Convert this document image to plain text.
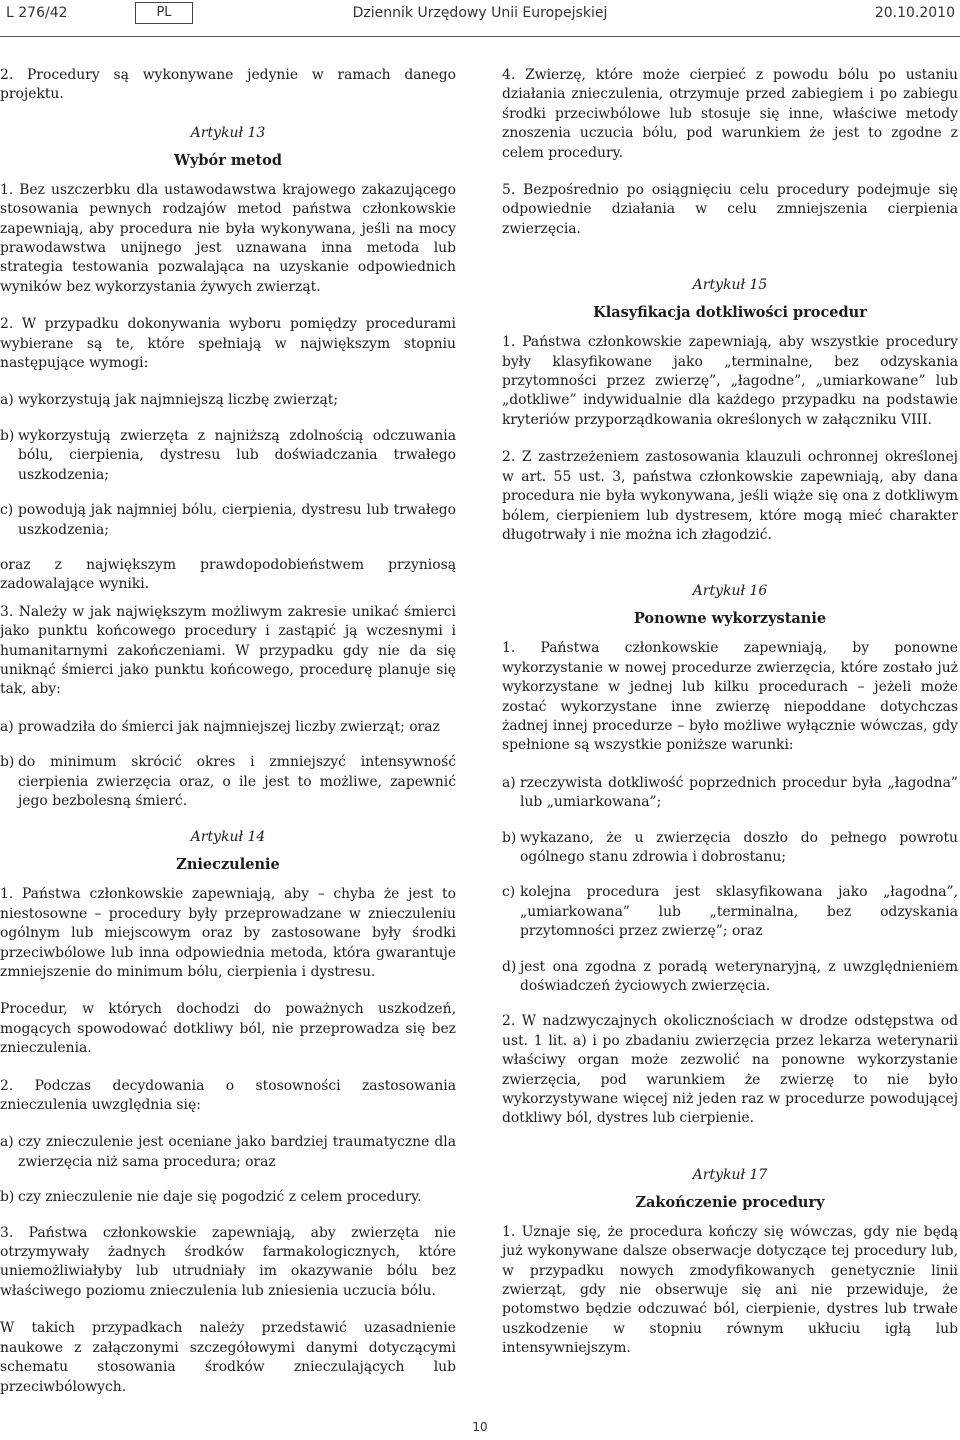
L 276/42	PL	Dziennik Urzędowy Unii Europejskiej	20.10.2010

2. Procedury są wykonywane jedynie w ramach danego projektu.

Artykuł 13
Wybór metod

1. Bez uszczerbku dla ustawodawstwa krajowego zakazującego stosowania pewnych rodzajów metod państwa członkowskie zapewniają, aby procedura nie była wykonywana, jeśli na mocy prawodawstwa unijnego jest uznawana inna metoda lub strategia testowania pozwalająca na uzyskanie odpowiednich wyników bez wykorzystania żywych zwierząt.

2. W przypadku dokonywania wyboru pomiędzy procedurami wybierane są te, które spełniają w największym stopniu następujące wymogi:

a) wykorzystują jak najmniejszą liczbę zwierząt;
b) wykorzystują zwierzęta z najniższą zdolnością odczuwania bólu, cierpienia, dystresu lub doświadczania trwałego uszkodzenia;
c) powodują jak najmniej bólu, cierpienia, dystresu lub trwałego uszkodzenia;

oraz z największym prawdopodobieństwem przyniosą zadowalające wyniki.

3. Należy w jak największym możliwym zakresie unikać śmierci jako punktu końcowego procedury i zastąpić ją wczesnymi i humanitarnymi zakończeniami. W przypadku gdy nie da się uniknąć śmierci jako punktu końcowego, procedurę planuje się tak, aby:

a) prowadziła do śmierci jak najmniejszej liczby zwierząt; oraz
b) do minimum skrócić okres i zmniejszyć intensywność cierpienia zwierzęcia oraz, o ile jest to możliwe, zapewnić jego bezbolesną śmierć.
Artykuł 14
Znieczulenie

1. Państwa członkowskie zapewniają, aby – chyba że jest to niestosowne – procedury były przeprowadzane w znieczuleniu ogólnym lub miejscowym oraz by zastosowane były środki przeciwbólowe lub inna odpowiednia metoda, która gwarantuje zmniejszenie do minimum bólu, cierpienia i dystresu.

Procedur, w których dochodzi do poważnych uszkodzeń, mogących spowodować dotkliwy ból, nie przeprowadza się bez znieczulenia.

2. Podczas decydowania o stosowności zastosowania znieczulenia uwzględnia się:

a) czy znieczulenie jest oceniane jako bardziej traumatyczne dla zwierzęcia niż sama procedura; oraz
b) czy znieczulenie nie daje się pogodzić z celem procedury.

3. Państwa członkowskie zapewniają, aby zwierzęta nie otrzymywały żadnych środków farmakologicznych, które uniemożliwiałyby lub utrudniały im okazywanie bólu bez właściwego poziomu znieczulenia lub zniesienia uczucia bólu.

W takich przypadkach należy przedstawić uzasadnienie naukowe z załączonymi szczegółowymi danymi dotyczącymi schematu stosowania środków znieczulających lub przeciwbólowych.

4. Zwierzę, które może cierpieć z powodu bólu po ustaniu działania znieczulenia, otrzymuje przed zabiegiem i po zabiegu środki przeciwbólowe lub stosuje się inne, właściwe metody znoszenia uczucia bólu, pod warunkiem że jest to zgodne z celem procedury.

5. Bezpośrednio po osiągnięciu celu procedury podejmuje się odpowiednie działania w celu zmniejszenia cierpienia zwierzęcia.

Artykuł 15
Klasyfikacja dotkliwości procedur

1. Państwa członkowskie zapewniają, aby wszystkie procedury były klasyfikowane jako „terminalne, bez odzyskania przytomności przez zwierzę”, „łagodne”, „umiarkowane” lub „dotkliwe” indywidualnie dla każdego przypadku na podstawie kryteriów przyporządkowania określonych w załączniku VIII.

2. Z zastrzeżeniem zastosowania klauzuli ochronnej określonej w art. 55 ust. 3, państwa członkowskie zapewniają, aby dana procedura nie była wykonywana, jeśli wiąże się ona z dotkliwym bólem, cierpieniem lub dystresem, które mogą mieć charakter długotrwały i nie można ich złagodzić.

Artykuł 16
Ponowne wykorzystanie

1. Państwa członkowskie zapewniają, by ponowne wykorzystanie w nowej procedurze zwierzęcia, które zostało już wykorzystane w jednej lub kilku procedurach – jeżeli może zostać wykorzystane inne zwierzę niepoddane dotychczas żadnej innej procedurze – było możliwe wyłącznie wówczas, gdy spełnione są wszystkie poniższe warunki:

a) rzeczywista dotkliwość poprzednich procedur była „łagodna” lub „umiarkowana”;
b) wykazano, że u zwierzęcia doszło do pełnego powrotu ogólnego stanu zdrowia i dobrostanu;
c) kolejna procedura jest sklasyfikowana jako „łagodna”, „umiarkowana” lub „terminalna, bez odzyskania przytomności przez zwierzę”; oraz
d) jest ona zgodna z poradą weterynaryjną, z uwzględnieniem doświadczeń życiowych zwierzęcia.

2. W nadzwyczajnych okolicznościach w drodze odstępstwa od ust. 1 lit. a) i po zbadaniu zwierzęcia przez lekarza weterynarii właściwy organ może zezwolić na ponowne wykorzystanie zwierzęcia, pod warunkiem że zwierzę to nie było wykorzystywane więcej niż jeden raz w procedurze powodującej dotkliwy ból, dystres lub cierpienie.

Artykuł 17
Zakończenie procedury

1. Uznaje się, że procedura kończy się wówczas, gdy nie będą już wykonywane dalsze obserwacje dotyczące tej procedury lub, w przypadku nowych zmodyfikowanych genetycznie linii zwierząt, gdy nie obserwuje się ani nie przewiduje, że potomstwo będzie odczuwać ból, cierpienie, dystres lub trwałe uszkodzenie w stopniu równym ukłuciu igłą lub intensywniejszym.

10
